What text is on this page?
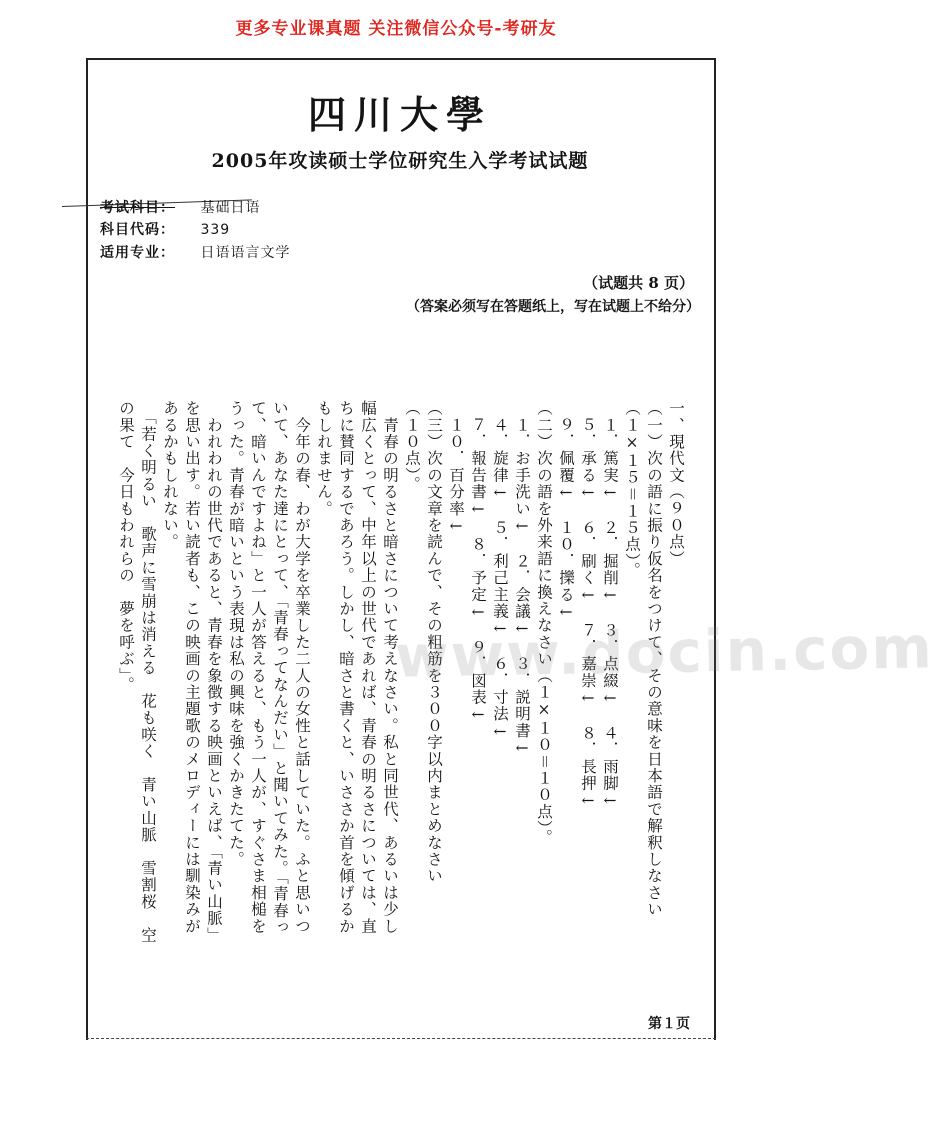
更多专业课真题 关注微信公众号-考研友
四川大學
2005年攻读硕士学位研究生入学考试试题
考试科目： 基础日语
科目代码： 339
适用专业： 日语语言文学
（试题共 8 页）
（答案必须写在答题纸上，写在试题上不给分）
一、現代文（９０点）
（一）次の語に振り仮名をつけて、その意味を日本語で解釈しなさい
（１×１５＝１５点）。
　１．篤実←　２．掘削←　３．点綴←　４．雨脚←
　５．承る←　６．刷く←　７．嘉崇←　８．長押←
　９．佩覆←　１０．擽る←
（二）次の語を外来語に換えなさい（１×１０＝１０点）。
　１．お手洗い←　２．会議←　３．説明書←
　４．旋律←　５．利己主義←　６．寸法←
　７．報告書←　８．予定←　９．図表←
　１０．百分率←
（三）次の文章を読んで、その粗筋を３００字以内まとめなさい
（１０点）。
　青春の明るさと暗さについて考えなさい。私と同世代、あるいは少し
幅広くとって、中年以上の世代であれば、青春の明るさについては、直
ちに賛同するであろう。しかし、暗さと書くと、いささか首を傾げるか
もしれません。
　今年の春、わが大学を卒業した二人の女性と話していた。ふと思いつ
いて、あなた達にとって、「青春ってなんだい」と聞いてみた。「青春っ
て、暗いんですよね」と一人が答えると、もう一人が、すぐさま相槌を
うった。青春が暗いという表現は私の興味を強くかきたてた。
　われわれの世代であると、青春を象徴する映画といえば、「青い山脈」
を思い出す。若い読者も、この映画の主題歌のメロディーには馴染みが
あるかもしれない。
　「若く明るい　歌声に雪崩は消える　花も咲く　青い山脈　雪割桜　空
の果て　今日もわれらの　夢を呼ぶ」。	www.docin.com
第１页
